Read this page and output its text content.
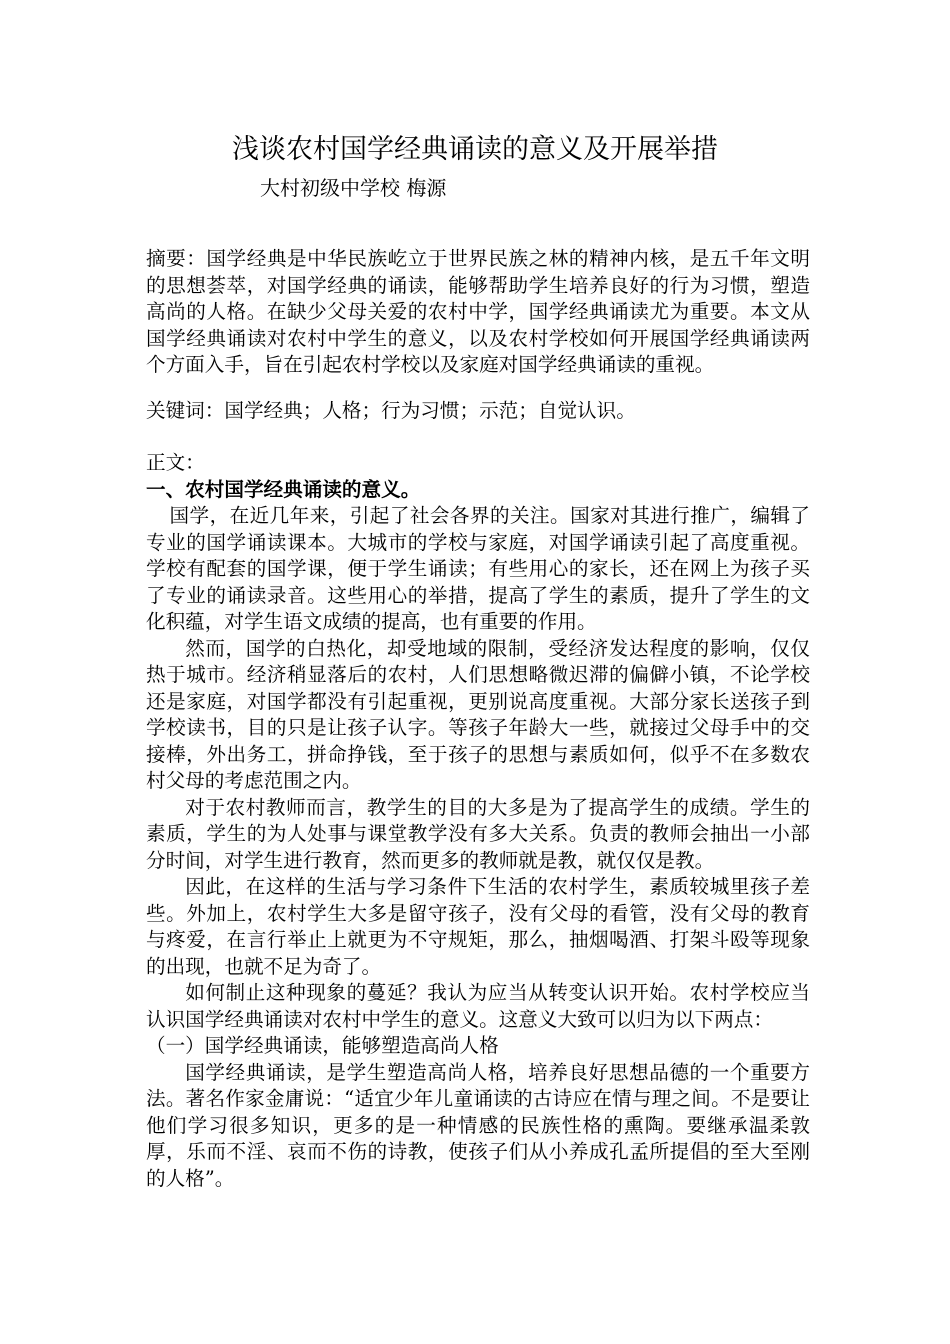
浅谈农村国学经典诵读的意义及开展举措
大村初级中学校 梅源
摘要：国学经典是中华民族屹立于世界民族之林的精神内核，是五千年文明的思想荟萃，对国学经典的诵读，能够帮助学生培养良好的行为习惯，塑造高尚的人格。在缺少父母关爱的农村中学，国学经典诵读尤为重要。本文从国学经典诵读对农村中学生的意义，以及农村学校如何开展国学经典诵读两个方面入手，旨在引起农村学校以及家庭对国学经典诵读的重视。
关键词：国学经典；人格；行为习惯；示范；自觉认识。

正文：

一、农村国学经典诵读的意义。

国学，在近几年来，引起了社会各界的关注。国家对其进行推广，编辑了专业的国学诵读课本。大城市的学校与家庭，对国学诵读引起了高度重视。学校有配套的国学课，便于学生诵读；有些用心的家长，还在网上为孩子买了专业的诵读录音。这些用心的举措，提高了学生的素质，提升了学生的文化积蕴，对学生语文成绩的提高，也有重要的作用。

然而，国学的白热化，却受地域的限制，受经济发达程度的影响，仅仅热于城市。经济稍显落后的农村，人们思想略微迟滞的偏僻小镇，不论学校还是家庭，对国学都没有引起重视，更别说高度重视。大部分家长送孩子到学校读书，目的只是让孩子认字。等孩子年龄大一些，就接过父母手中的交接棒，外出务工，拼命挣钱，至于孩子的思想与素质如何，似乎不在多数农村父母的考虑范围之内。

对于农村教师而言，教学生的目的大多是为了提高学生的成绩。学生的素质，学生的为人处事与课堂教学没有多大关系。负责的教师会抽出一小部分时间，对学生进行教育，然而更多的教师就是教，就仅仅是教。

因此，在这样的生活与学习条件下生活的农村学生，素质较城里孩子差些。外加上，农村学生大多是留守孩子，没有父母的看管，没有父母的教育与疼爱，在言行举止上就更为不守规矩，那么，抽烟喝酒、打架斗殴等现象的出现，也就不足为奇了。

如何制止这种现象的蔓延？我认为应当从转变认识开始。农村学校应当认识国学经典诵读对农村中学生的意义。这意义大致可以归为以下两点：

（一）国学经典诵读，能够塑造高尚人格

国学经典诵读，是学生塑造高尚人格，培养良好思想品德的一个重要方法。著名作家金庸说：“适宜少年儿童诵读的古诗应在情与理之间。不是要让他们学习很多知识，更多的是一种情感的民族性格的熏陶。要继承温柔敦厚，乐而不淫、哀而不伤的诗教，使孩子们从小养成孔孟所提倡的至大至刚的人格”。
